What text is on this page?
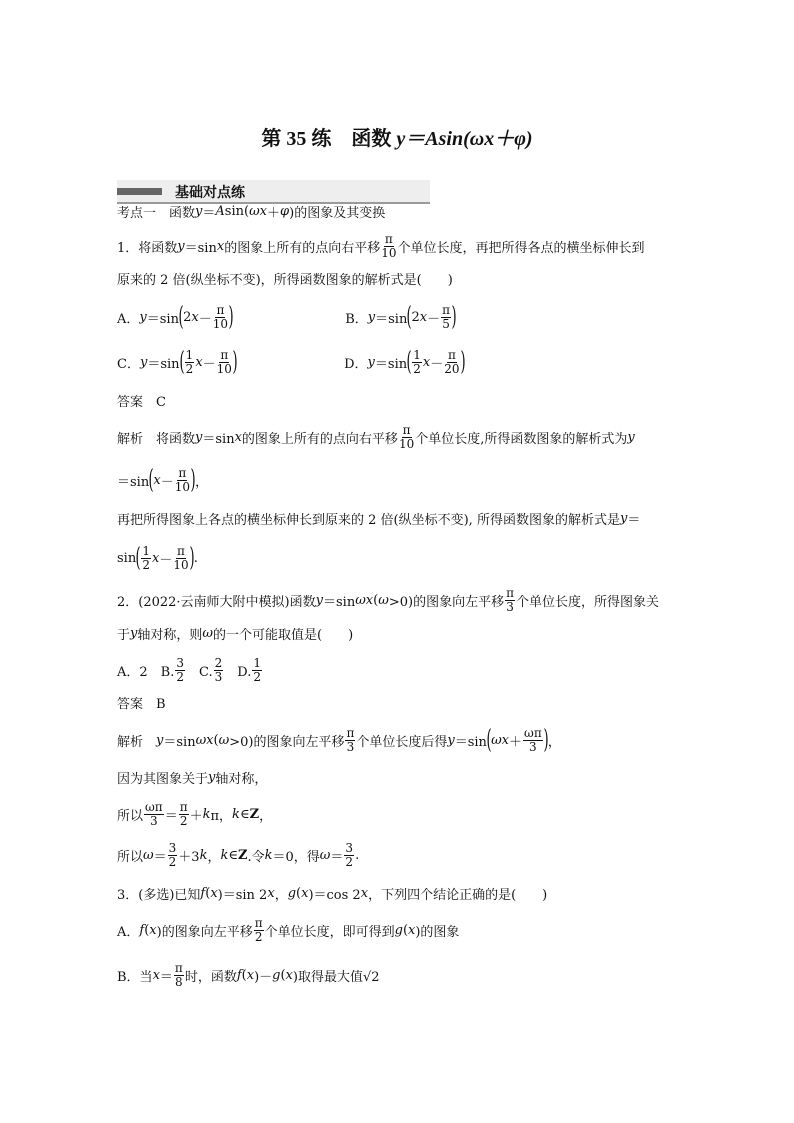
第 35 练　函数 y＝Asin(ωx＋φ)
基础对点练
考点一　函数 y ＝ A sin( ωx ＋ φ )的图象及其变换
1．将函数 y ＝sin x 的图象上所有的点向右平移 $\frac{\pi}{10}$ 个单位长度，再把所得各点的横坐标伸长到
原来的 2 倍(纵坐标不变)，所得函数图象的解析式是(　　)
A． y ＝sin ( 2 $x - \frac{\pi}{10}$ )	B． y ＝sin ( 2 $x - \frac{\pi}{5}$ )
C． y ＝sin ( $\frac{1}{2}$ $x - \frac{\pi}{10}$ )	D． y ＝sin ( $\frac{1}{2}$ $x - \frac{\pi}{20}$ )
答案　C
解析　将函数 y ＝sin x 的图象上所有的点向右平移 $\frac{\pi}{10}$ 个单位长度,所得函数图象的解析式为 y
＝sin ( $x - \frac{\pi}{10}$ ) ，
再把所得图象上各点的横坐标伸长到原来的 2 倍(纵坐标不变), 所得函数图象的解析式是 y ＝
sin ( $\frac{1}{2}$ $x - \frac{\pi}{10}$ ) .
2．(2022·云南师大附中模拟)函数 y ＝sin ωx ( ω >0)的图象向左平移 $\frac{\pi}{3}$ 个单位长度，所得图象关
于 y 轴对称，则 ω 的一个可能取值是(　　)
A．2　B. $\frac{3}{2}$ 　C. $\frac{2}{3}$ 　D. $\frac{1}{2}$
答案　B
解析　 y ＝sin ωx ( ω >0)的图象向左平移 $\frac{\pi}{3}$ 个单位长度后得 y ＝sin ( $\omega x + \frac{\omega\pi}{3}$ ) ，
因为其图象关于 y 轴对称，
所以 $\frac{\omega\pi}{3} = \frac{\pi}{2} + k$ π， k ∈ Z ，
所以 $\omega = \frac{3}{2} +3$ k ， k ∈ Z .令 k ＝0，得 $\omega = \frac{3}{2}$ .
3．(多选)已知 f ( x )＝sin 2 x ， g ( x )＝cos 2 x ，下列四个结论正确的是(　　)
A． f ( x )的图象向左平移 $\frac{\pi}{2}$ 个单位长度，即可得到 g ( x )的图象
B．当 $x = \frac{\pi}{8}$ 时，函数 f ( x )－ g ( x )取得最大值√2
